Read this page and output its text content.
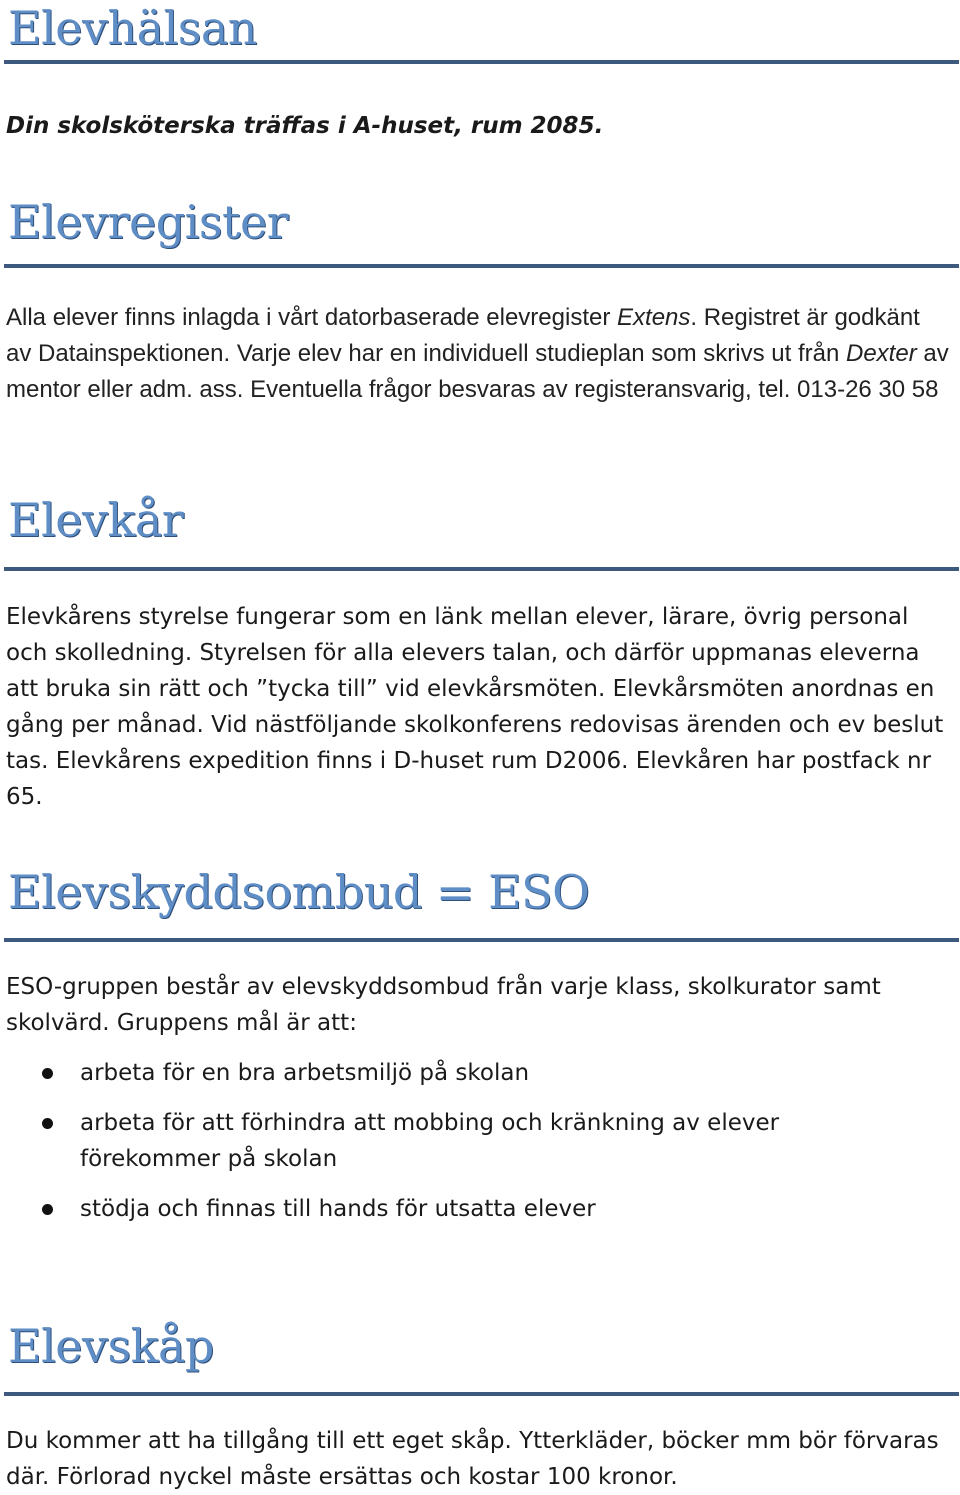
Elevhälsan

Din skolsköterska träffas i A-huset, rum 2085.

Elevregister

Alla elever finns inlagda i vårt datorbaserade elevregister Extens. Registret är godkänt av Datainspektionen. Varje elev har en individuell studieplan som skrivs ut från Dexter av mentor eller adm. ass. Eventuella frågor besvaras av registeransvarig, tel. 013-26 30 58

Elevkår

Elevkårens styrelse fungerar som en länk mellan elever, lärare, övrig personal och skolledning. Styrelsen för alla elevers talan, och därför uppmanas eleverna att bruka sin rätt och ”tycka till” vid elevkårsmöten. Elevkårsmöten anordnas en gång per månad. Vid nästföljande skolkonferens redovisas ärenden och ev beslut tas. Elevkårens expedition finns i D-huset rum D2006. Elevkåren har postfack nr 65.

Elevskyddsombud = ESO

ESO-gruppen består av elevskyddsombud från varje klass, skolkurator samt skolvärd. Gruppens mål är att:

arbeta för en bra arbetsmiljö på skolan
arbeta för att förhindra att mobbing och kränkning av elever förekommer på skolan
stödja och finnas till hands för utsatta elever
Elevskåp

Du kommer att ha tillgång till ett eget skåp. Ytterkläder, böcker mm bör förvaras där. Förlorad nyckel måste ersättas och kostar 100 kronor.
